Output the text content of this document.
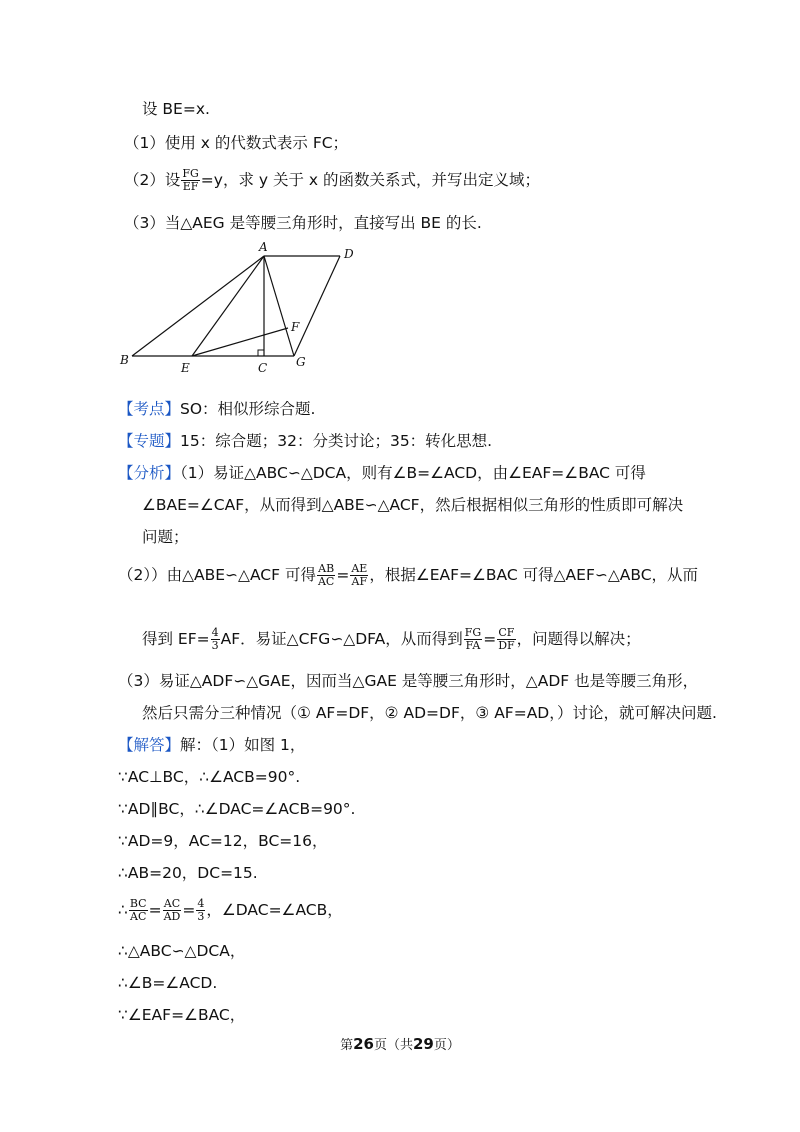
设 BE=x.
（1）使用 x 的代数式表示 FC；
（2）设 $\frac{FG}{EF} =y$，求 y 关于 x 的函数关系式，并写出定义域；
（3）当△AEG 是等腰三角形时，直接写出 BE 的长.
A	D
F
B
E	C G
【考点】SO：相似形综合题.
【专题】15：综合题；32：分类讨论；35：转化思想.
【分析】（1）易证△ABC∽△DCA，则有∠B=∠ACD，由∠EAF=∠BAC 可得
∠BAE=∠CAF，从而得到△ABE∽△ACF，然后根据相似三角形的性质即可解决
问题；
（2））由△ABE∽△ACF 可得 $\frac{AB}{AC} = \frac{AE}{AF}$ ，根据∠EAF=∠BAC 可得△AEF∽△ABC，从而
得到 $EF= \frac{4}{3}$ AF．易证△CFG∽△DFA，从而得到 $\frac{FG}{FA} = \frac{CF}{DF}$ ，问题得以解决；
（3）易证△ADF∽△GAE，因而当△GAE 是等腰三角形时，△ADF 也是等腰三角形，
然后只需分三种情况（① AF=DF，② AD=DF，③ AF=AD，）讨论，就可解决问题.
【解答】解：（1）如图 1，
∵AC⊥BC，∴∠ACB=90°.
∵AD∥BC，∴∠DAC=∠ACB=90°.
∵AD=9，AC=12，BC=16，
∴AB=20，DC=15.
∴ $\frac{BC}{AC} = \frac{AC}{AD} = \frac{4}{3}$ ，∠DAC=∠ACB，
∴△ABC∽△DCA，
∴∠B=∠ACD.
∵∠EAF=∠BAC，
第26页（共29页）
